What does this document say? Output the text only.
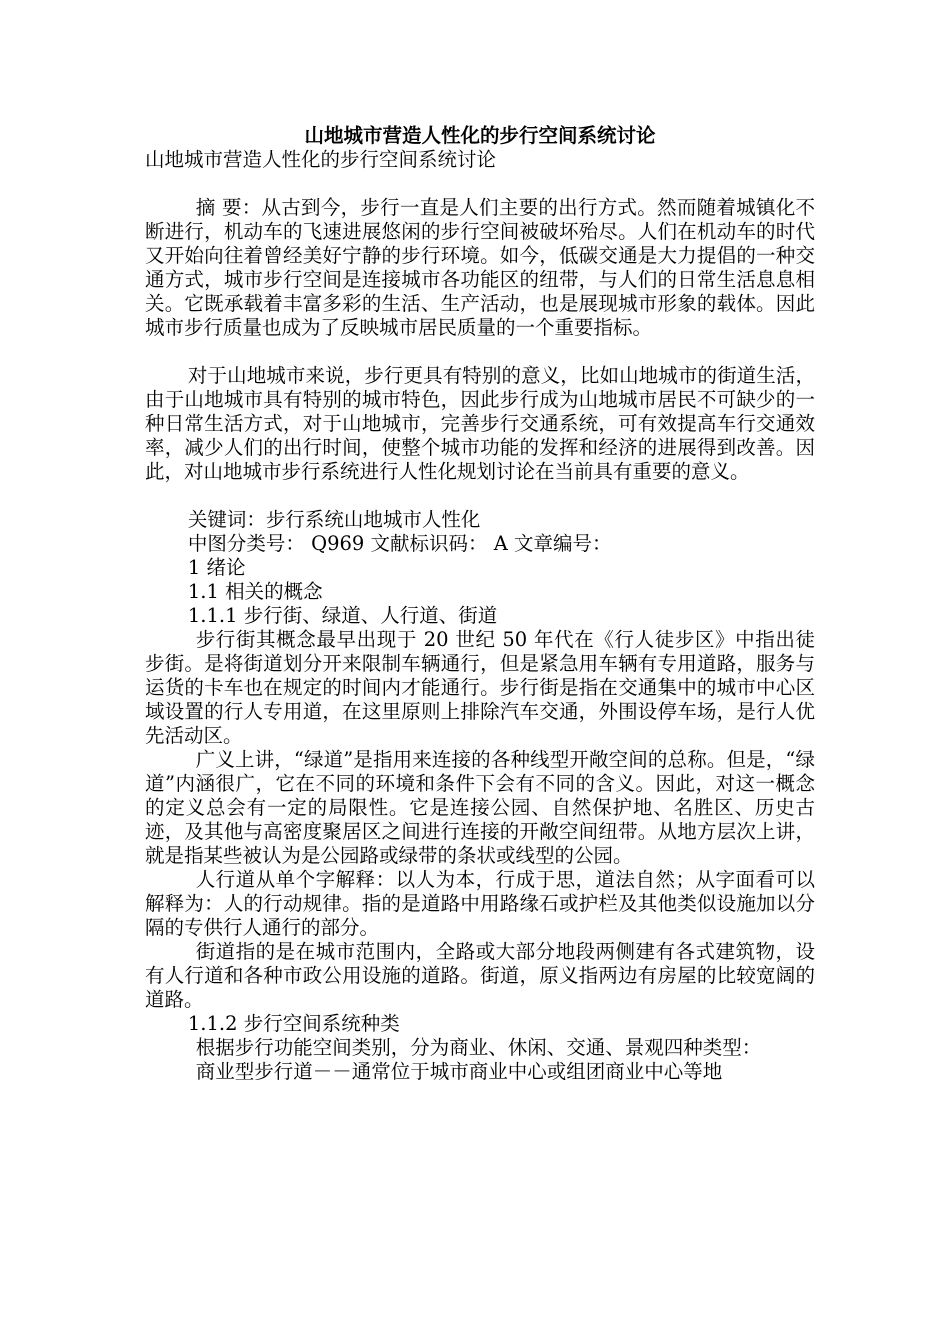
山地城市营造人性化的步行空间系统讨论

山地城市营造人性化的步行空间系统讨论

摘 要：从古到今，步行一直是人们主要的出行方式。然而随着城镇化不断进行，机动车的飞速进展悠闲的步行空间被破坏殆尽。人们在机动车的时代又开始向往着曾经美好宁静的步行环境。如今，低碳交通是大力提倡的一种交通方式，城市步行空间是连接城市各功能区的纽带，与人们的日常生活息息相关。它既承载着丰富多彩的生活、生产活动，也是展现城市形象的载体。因此城市步行质量也成为了反映城市居民质量的一个重要指标。

对于山地城市来说，步行更具有特别的意义，比如山地城市的街道生活，由于山地城市具有特别的城市特色，因此步行成为山地城市居民不可缺少的一种日常生活方式，对于山地城市，完善步行交通系统，可有效提高车行交通效率，减少人们的出行时间，使整个城市功能的发挥和经济的进展得到改善。因此，对山地城市步行系统进行人性化规划讨论在当前具有重要的意义。

关键词：步行系统山地城市人性化

中图分类号： Q969 文献标识码： A 文章编号：

1 绪论

1.1 相关的概念

1.1.1 步行街、绿道、人行道、街道

步行街其概念最早出现于 20 世纪 50 年代在《行人徒步区》中指出徒步街。是将街道划分开来限制车辆通行，但是紧急用车辆有专用道路，服务与运货的卡车也在规定的时间内才能通行。步行街是指在交通集中的城市中心区域设置的行人专用道，在这里原则上排除汽车交通，外围设停车场，是行人优先活动区。

广义上讲，“绿道”是指用来连接的各种线型开敞空间的总称。但是，“绿道”内涵很广，它在不同的环境和条件下会有不同的含义。因此，对这一概念的定义总会有一定的局限性。它是连接公园、自然保护地、名胜区、历史古迹，及其他与高密度聚居区之间进行连接的开敞空间纽带。从地方层次上讲，就是指某些被认为是公园路或绿带的条状或线型的公园。

人行道从单个字解释：以人为本，行成于思，道法自然；从字面看可以解释为：人的行动规律。指的是道路中用路缘石或护栏及其他类似设施加以分隔的专供行人通行的部分。

街道指的是在城市范围内，全路或大部分地段两侧建有各式建筑物，设有人行道和各种市政公用设施的道路。街道，原义指两边有房屋的比较宽阔的道路。

1.1.2 步行空间系统种类

根据步行功能空间类别，分为商业、休闲、交通、景观四种类型：

商业型步行道－－通常位于城市商业中心或组团商业中心等地
